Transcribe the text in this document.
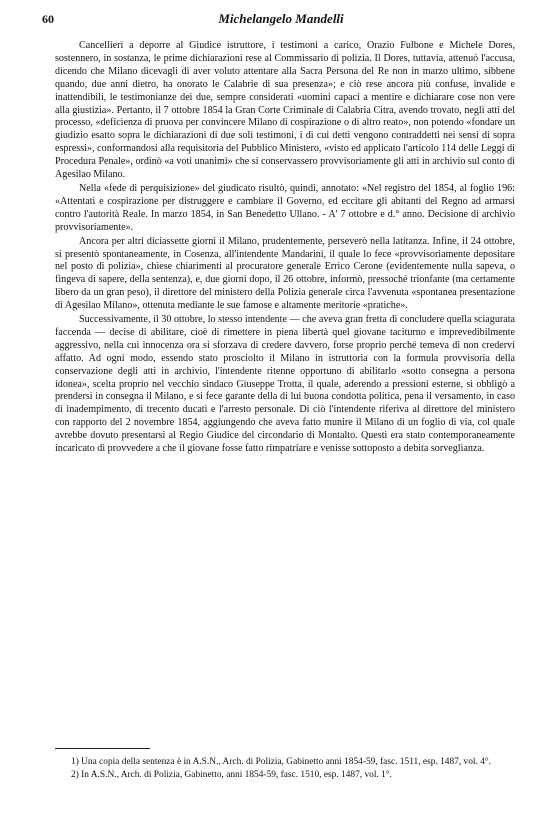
60	Michelangelo Mandelli

Cancellieri a deporre al Giudice istruttore, i testimoni a carico, Orazio Fulbone e Michele Dores, sostennero, in sostanza, le prime dichiarazioni rese al Commissario di polizia. Il Dores, tuttavia, attenuò l'accusa, dicendo che Milano dicevagli di aver voluto attentare alla Sacra Persona del Re non in marzo ultimo, sibbene quando, due anni dietro, ha onorato le Calabrie di sua presenza»; e ciò rese ancora più confuse, invalide e inattendibili, le testimonianze dei due, sempre considerati «uomini capaci a mentire e dichiarare cose non vere alla giustizia». Pertanto, il 7 ottobre 1854 la Gran Corte Criminale di Calabria Citra, avendo trovato, negli atti del processo, «deficienza di pruova per convincere Milano di cospirazione o di altro reato», non potendo «fondare un giudizio esatto sopra le dichiarazioni di due soli testimoni, i di cui detti vengono contraddetti nei sensi di sopra espressi», conformandosi alla requisitoria del Pubblico Ministero, «visto ed applicato l'articolo 114 delle Leggi di Procedura Penale», ordinò «a voti unanimi» che si conservassero provvisoriamente gli atti in archivio sul conto di Agesilao Milano.

Nella «fede di perquisizione» del giudicato risultò, quindi, annotato: «Nel registro del 1854, al foglio 196: «Attentati e cospirazione per distruggere e cambiare il Governo, ed eccitare gli abitanti del Regno ad armarsi contro l'autorità Reale. In marzo 1854, in San Benedetto Ullano. - A' 7 ottobre e d.° anno. Decisione di archivio provvisoriamente».

Ancora per altri diciassette giorni il Milano, prudentemente, perseverò nella latitanza. Infine, il 24 ottobre, si presentò spontaneamente, in Cosenza, all'intendente Mandarini, il quale lo fece «provvisoriamente depositare nel posto di polizia», chiese chiarimenti al procuratore generale Errico Cerone (evidentemente nulla sapeva, o fingeva di sapere, della sentenza), e, due giorni dopo, il 26 ottobre, informò, pressoché trionfante (ma certamente libero da un gran peso), il direttore del ministero della Polizia generale circa l'avvenuta «spontanea presentazione di Agesilao Milano», ottenuta mediante le sue famose e altamente meritorie «pratiche».

Successivamente, il 30 ottobre, lo stesso intendente — che aveva gran fretta di concludere quella sciagurata faccenda — decise di abilitare, cioè di rimettere in piena libertà quel giovane taciturno e imprevedibilmente aggressivo, nella cui innocenza ora si sforzava di credere davvero, forse proprio perché temeva di non crederví affatto. Ad ogni modo, essendo stato prosciolto il Milano in istruttoria con la formula provvisoria della conservazione degli atti in archivio, l'intendente ritenne opportuno di abilitarlo «sotto consegna a persona idonea», scelta proprio nel vecchio sindaco Giuseppe Trotta, il quale, aderendo a pressioni esterne, si obbligò a prendersi in consegna il Milano, e si fece garante della di lui buona condotta politica, pena il versamento, in caso di inadempimento, di trecento ducati e l'arresto personale. Di ciò l'intendente riferiva al direttore del ministero con rapporto del 2 novembre 1854, aggiungendo che aveva fatto munire il Milano di un foglio di via, col quale avrebbe dovuto presentarsi al Regio Giudice del circondario di Montalto. Questi era stato contemporaneamente incaricato di provvedere a che il giovane fosse fatto rimpatriare e venisse sottoposto a debita sorveglianza.

1) Una copia della sentenza è in A.S.N., Arch. di Polizia, Gabinetto anni 1854-59, fasc. 1511, esp. 1487, vol. 4°.

2) In A.S.N., Arch. di Polizia, Gabinetto, anni 1854-59, fasc. 1510, esp. 1487, vol. 1°.
